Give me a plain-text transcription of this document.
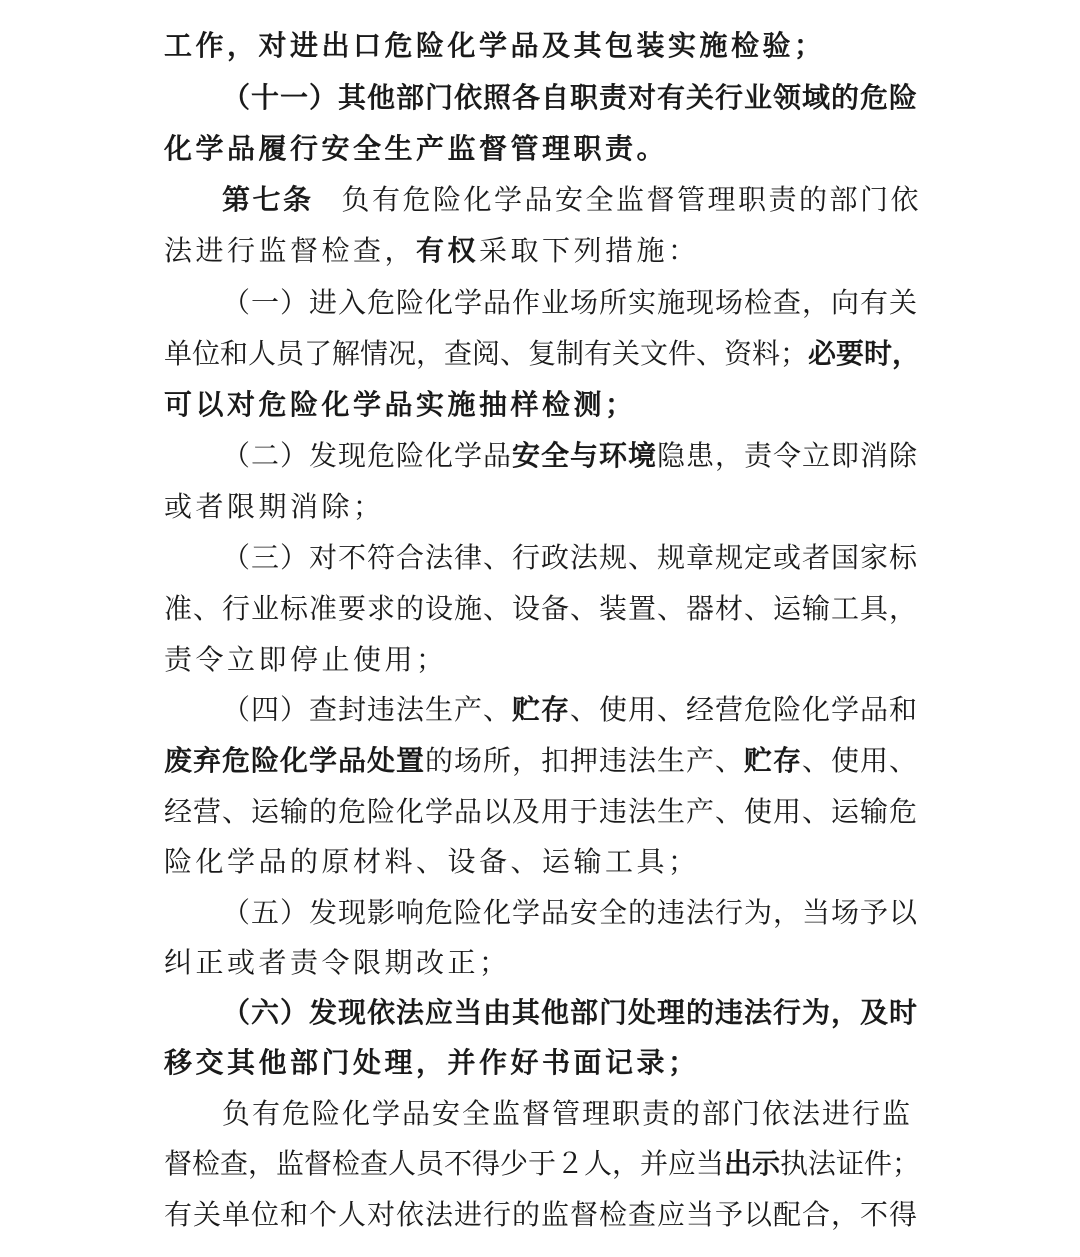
工作，对进出口危险化学品及其包装实施检验；
（十一）其他部门依照各自职责对有关行业领域的危险
化学品履行安全生产监督管理职责。
第七条 负有危险化学品安全监督管理职责的部门依
法进行监督检查，有权采取下列措施：
（一）进入危险化学品作业场所实施现场检查，向有关
单位和人员了解情况，查阅、复制有关文件、资料；必要时，
可以对危险化学品实施抽样检测；
（二）发现危险化学品安全与环境隐患，责令立即消除
或者限期消除；
（三）对不符合法律、行政法规、规章规定或者国家标
准、行业标准要求的设施、设备、装置、器材、运输工具，
责令立即停止使用；
（四）查封违法生产、贮存、使用、经营危险化学品和
废弃危险化学品处置的场所，扣押违法生产、贮存、使用、
经营、运输的危险化学品以及用于违法生产、使用、运输危
险化学品的原材料、设备、运输工具；
（五）发现影响危险化学品安全的违法行为，当场予以
纠正或者责令限期改正；
（六）发现依法应当由其他部门处理的违法行为，及时
移交其他部门处理，并作好书面记录；
负有危险化学品安全监督管理职责的部门依法进行监
督检查，监督检查人员不得少于２人，并应当出示执法证件；
有关单位和个人对依法进行的监督检查应当予以配合，不得
